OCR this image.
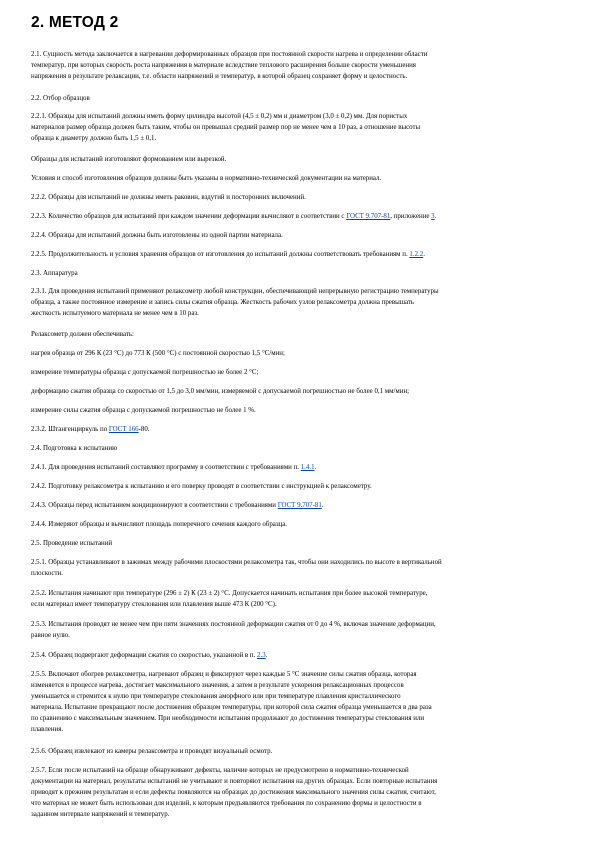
2. МЕТОД 2

2.1. Сущность метода заключается в нагревании деформированных образцов при постоянной скорости нагрева и определении области
температур, при которых скорость роста напряжения в материале вследствие теплового расширения больше скорости уменьшения
напряжения в результате релаксации, т.е. области напряжений и температур, в которой образец сохраняет форму и целостность.

2.2. Отбор образцов

2.2.1. Образцы для испытаний должны иметь форму цилиндра высотой (4,5 ± 0,2) мм и диаметром (3,0 ± 0,2) мм. Для пористых
материалов размер образца должен быть таким, чтобы он превышал средний размер пор не менее чем в 10 раз, а отношение высоты
образца к диаметру должно быть 1,5 ± 0,1.

Образцы для испытаний изготовляют формованием или вырезкой.

Условия и способ изготовления образцов должны быть указаны в нормативно-технической документации на материал.

2.2.2. Образцы для испытаний не должны иметь раковин, вздутий и посторонних включений.

2.2.3. Количество образцов для испытаний при каждом значении деформации вычисляют в соответствии с ГОСТ 9.707-81, приложение 3.

2.2.4. Образцы для испытаний должны быть изготовлены из одной партии материала.

2.2.5. Продолжительность и условия хранения образцов от изготовления до испытаний должны соответствовать требованиям п. 1.2.2.

2.3. Аппаратура

2.3.1. Для проведения испытаний применяют релаксометр любой конструкции, обеспечивающий непрерывную регистрацию температуры
образца, а также постоянное измерение и запись силы сжатия образца. Жесткость рабочих узлов релаксометра должна превышать
жесткость испытуемого материала не менее чем в 10 раз.

Релаксометр должен обеспечивать:

нагрев образца от 296 К (23 °С) до 773 К (500 °С) с постоянной скоростью 1,5 °С/мин;

измерение температуры образца с допускаемой погрешностью не более 2 °С;

деформацию сжатия образца со скоростью от 1,5 до 3,0 мм/мин, измеряемой с допускаемой погрешностью не более 0,1 мм/мин;

измерение силы сжатия образца с допускаемой погрешностью не более 1 %.

2.3.2. Штангенциркуль по ГОСТ 166-80.

2.4. Подготовка к испытанию

2.4.1. Для проведения испытаний составляют программу в соответствии с требованиями п. 1.4.1.

2.4.2. Подготовку релаксометра к испытанию и его поверку проводят в соответствии с инструкцией к релаксометру.

2.4.3. Образцы перед испытанием кондиционируют в соответствии с требованиями ГОСТ 9.707-81.

2.4.4. Измеряют образцы и вычисляют площадь поперечного сечения каждого образца.

2.5. Проведение испытаний

2.5.1. Образцы устанавливают в зажимах между рабочими плоскостями релаксометра так, чтобы они находились по высоте в вертикальной
плоскости.

2.5.2. Испытания начинают при температуре (296 ± 2) К (23 ± 2) °С. Допускается начинать испытания при более высокой температуре,
если материал имеет температуру стеклования или плавления выше 473 К (200 °С).

2.5.3. Испытания проводят не менее чем при пяти значениях постоянной деформации сжатия от 0 до 4 %, включая значение деформации,
равное нулю.

2.5.4. Образец подвергают деформации сжатия со скоростью, указанной в п. 2.3.

2.5.5. Включают обогрев релаксометра, нагревают образец и фиксируют через каждые 5 °С значение силы сжатия образца, которая
изменяется в процессе нагрева, достигает максимального значения, а затем в результате ускорения релаксационных процессов
уменьшается и стремится к нулю при температуре стеклования аморфного или при температуре плавления кристаллического
материала. Испытание прекращают после достижения образцом температуры, при которой сила сжатия образца уменьшается в два раза
по сравнению с максимальным значением. При необходимости испытания продолжают до достижения температуры стеклования или
плавления.

2.5.6. Образец извлекают из камеры релаксометра и проводят визуальный осмотр.

2.5.7. Если после испытаний на образце обнаруживают дефекты, наличие которых не предусмотрено в нормативно-технической
документации на материал, результаты испытаний не учитывают и повторяют испытания на других образцах. Если повторные испытания
приводят к прежним результатам и если дефекты появляются на образцах до достижения максимального значения силы сжатия, считают,
что материал не может быть использован для изделий, к которым предъявляются требования по сохранению формы и целостности в
заданном интервале напряжений и температур.
